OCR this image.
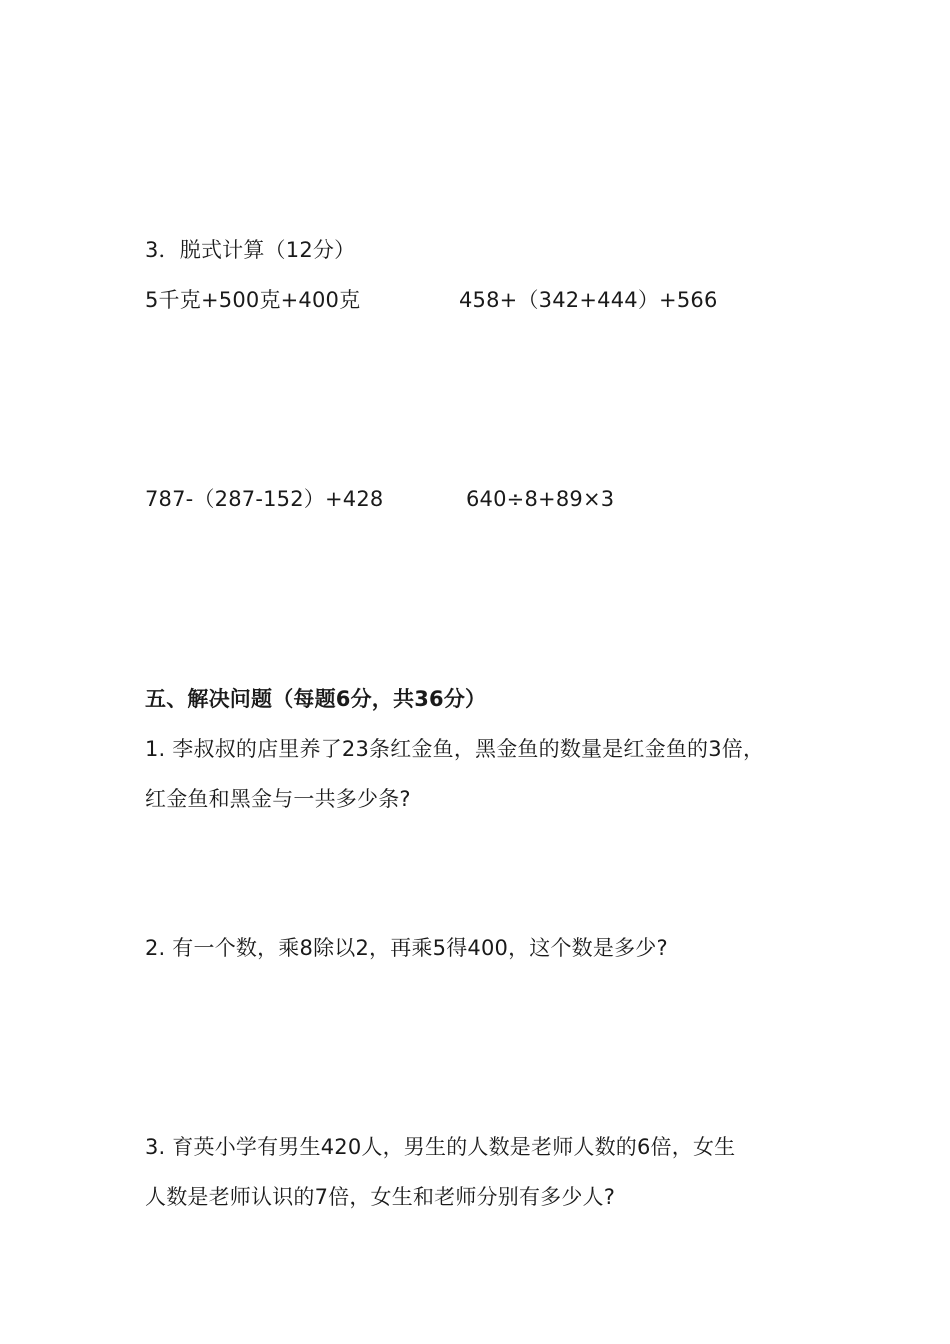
3．脱式计算（12分）
5千克+500克+400克	458+（342+444）+566
787-（287-152）+428	640÷8+89×3
五、解决问题（每题6分，共36分）
1. 李叔叔的店里养了23条红金鱼，黑金鱼的数量是红金鱼的3倍，
红金鱼和黑金与一共多少条?
2. 有一个数，乘8除以2，再乘5得400，这个数是多少?
3. 育英小学有男生420人，男生的人数是老师人数的6倍，女生
人数是老师认识的7倍，女生和老师分别有多少人?
